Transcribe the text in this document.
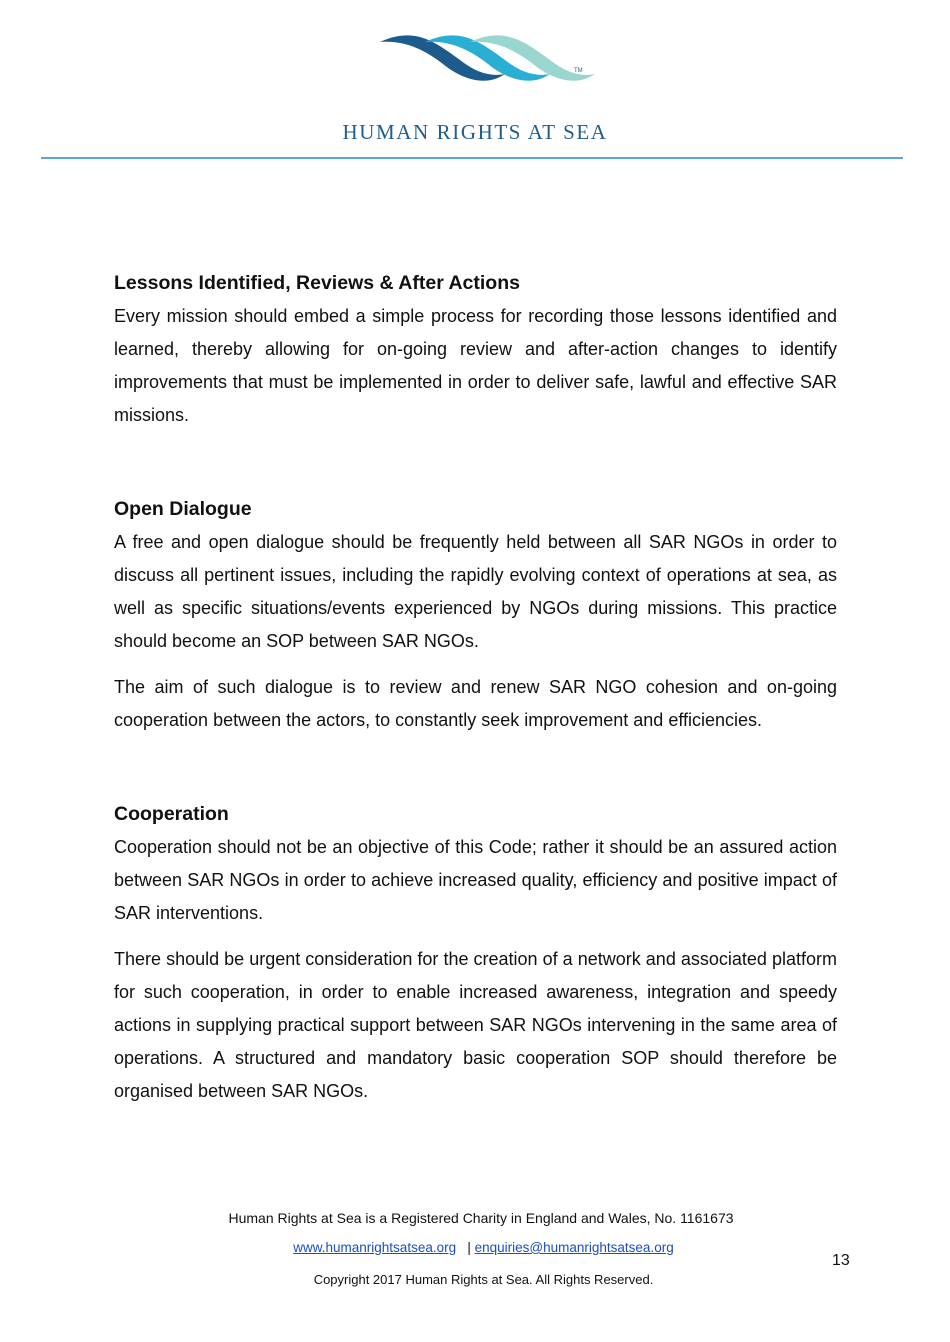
TM
HUMAN RIGHTS AT SEA
Lessons Identified, Reviews & After Actions

Every mission should embed a simple process for recording those lessons identified and learned, thereby allowing for on-going review and after-action changes to identify improvements that must be implemented in order to deliver safe, lawful and effective SAR missions.

Open Dialogue

A free and open dialogue should be frequently held between all SAR NGOs in order to discuss all pertinent issues, including the rapidly evolving context of operations at sea, as well as specific situations/events experienced by NGOs during missions. This practice should become an SOP between SAR NGOs.

The aim of such dialogue is to review and renew SAR NGO cohesion and on-going cooperation between the actors, to constantly seek improvement and efficiencies.

Cooperation

Cooperation should not be an objective of this Code; rather it should be an assured action between SAR NGOs in order to achieve increased quality, efficiency and positive impact of SAR interventions.

There should be urgent consideration for the creation of a network and associated platform for such cooperation, in order to enable increased awareness, integration and speedy actions in supplying practical support between SAR NGOs intervening in the same area of operations. A structured and mandatory basic cooperation SOP should therefore be organised between SAR NGOs.

Human Rights at Sea is a Registered Charity in England and Wales, No. 1161673
www.humanrightsatsea.org   | enquiries@humanrightsatsea.org
Copyright 2017 Human Rights at Sea. All Rights Reserved.
13
